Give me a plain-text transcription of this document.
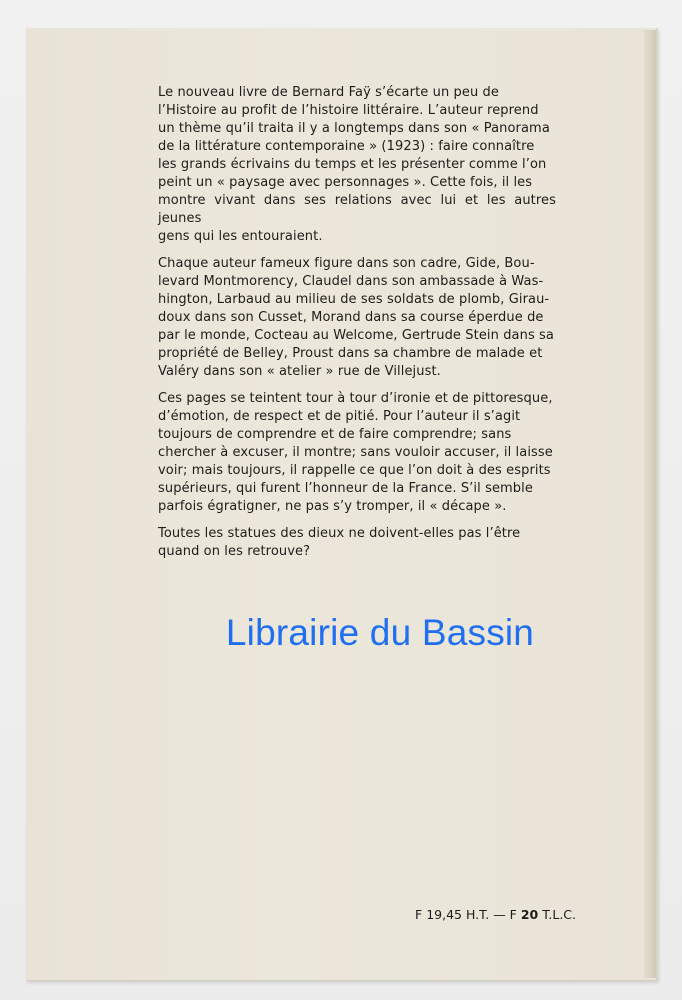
Le nouveau livre de Bernard Faÿ s’écarte un peu de
l’Histoire au profit de l’histoire littéraire. L’auteur reprend
un thème qu’il traita il y a longtemps dans son « Panorama
de la littérature contemporaine » (1923) : faire connaître
les grands écrivains du temps et les présenter comme l’on
peint un « paysage avec personnages ». Cette fois, il les
montre vivant dans ses relations avec lui et les autres jeunes
gens qui les entouraient.

Chaque auteur fameux figure dans son cadre, Gide, Bou-
levard Montmorency, Claudel dans son ambassade à Was-
hington, Larbaud au milieu de ses soldats de plomb, Girau-
doux dans son Cusset, Morand dans sa course éperdue de
par le monde, Cocteau au Welcome, Gertrude Stein dans sa
propriété de Belley, Proust dans sa chambre de malade et
Valéry dans son « atelier » rue de Villejust.

Ces pages se teintent tour à tour d’ironie et de pittoresque,
d’émotion, de respect et de pitié. Pour l’auteur il s’agit
toujours de comprendre et de faire comprendre; sans
chercher à excuser, il montre; sans vouloir accuser, il laisse
voir; mais toujours, il rappelle ce que l’on doit à des esprits
supérieurs, qui furent l’honneur de la France. S’il semble
parfois égratigner, ne pas s’y tromper, il « décape ».

Toutes les statues des dieux ne doivent-elles pas l’être
quand on les retrouve?

Librairie du Bassin
F 19,45 H.T. — F 20 T.L.C.
